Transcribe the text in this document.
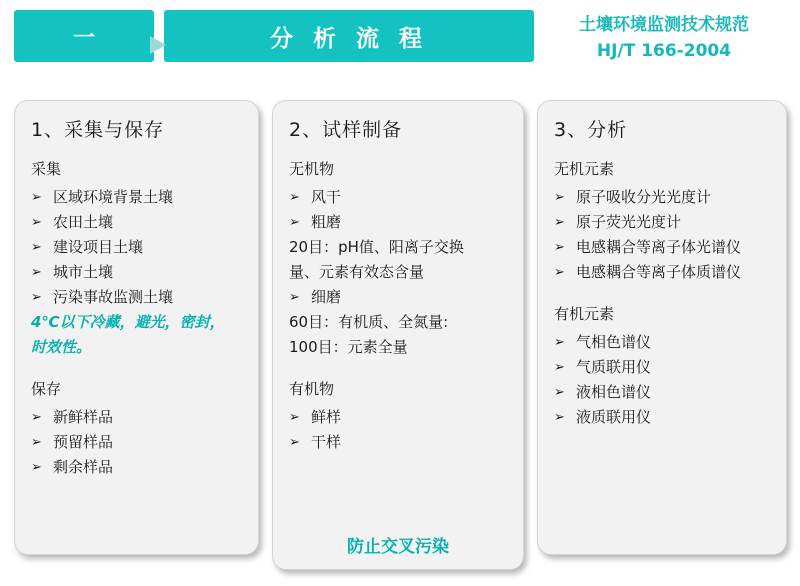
一	分 析 流 程
土壤环境监测技术规范
HJ/T 166-2004
1、采集与保存
采集
➢ 区域环境背景土壤
➢ 农田土壤
➢ 建设项目土壤
➢ 城市土壤
➢ 污染事故监测土壤
4℃以下冷藏，避光，密封，
时效性。
保存
➢ 新鲜样品
➢ 预留样品
➢ 剩余样品
2、试样制备
无机物
➢ 风干
➢ 粗磨
20目：pH值、阳离子交换
量、元素有效态含量
➢ 细磨
60目：有机质、全氮量:
100目：元素全量
有机物
➢ 鲜样
➢ 干样
防止交叉污染
3、分析
无机元素
➢ 原子吸收分光光度计
➢ 原子荧光光度计
➢ 电感耦合等离子体光谱仪
➢ 电感耦合等离子体质谱仪
有机元素
➢ 气相色谱仪
➢ 气质联用仪
➢ 液相色谱仪
➢ 液质联用仪
